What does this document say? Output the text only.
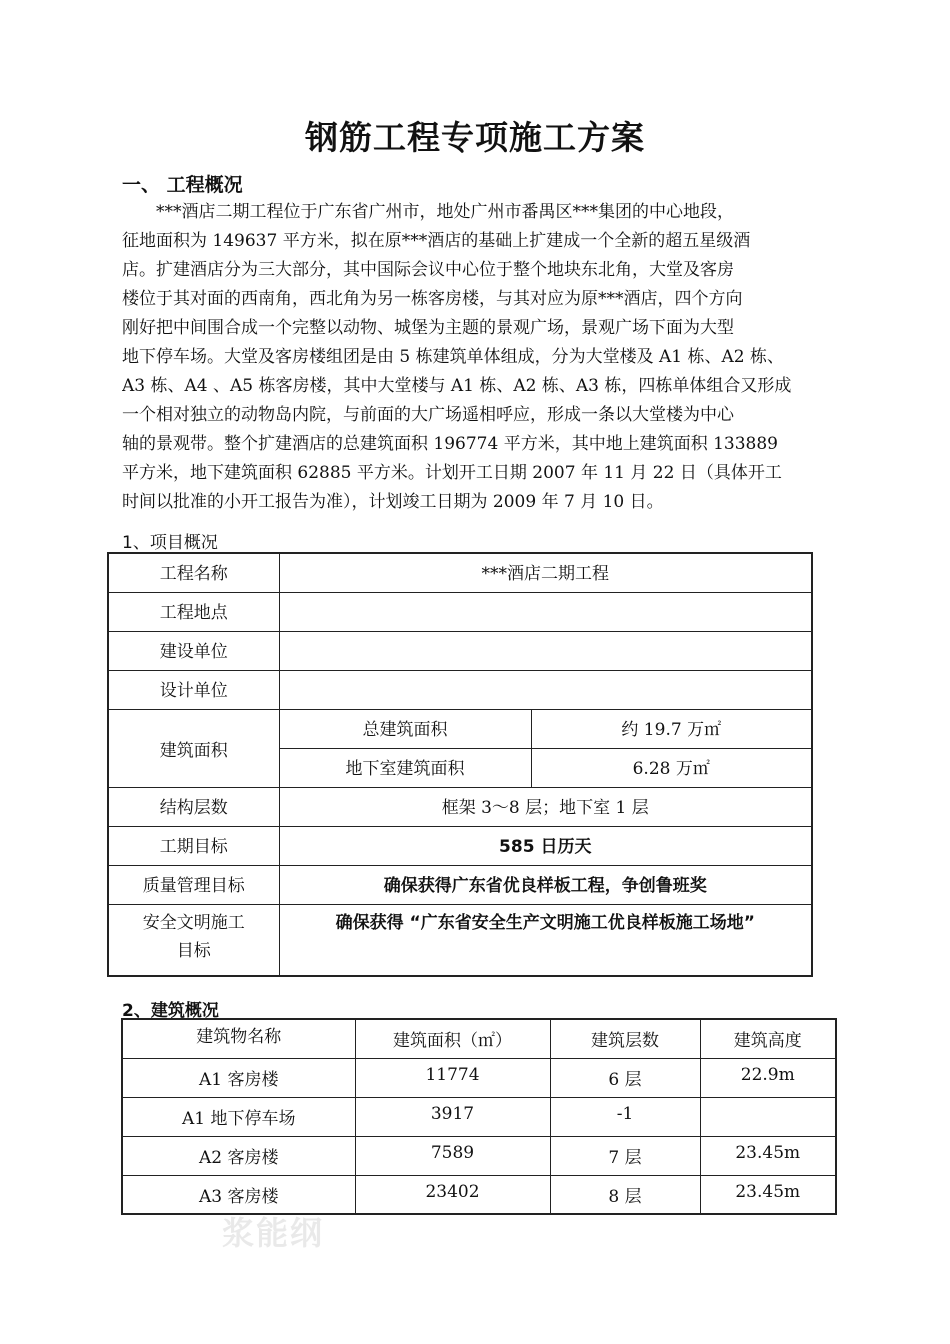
钢筋工程专项施工方案
一、 工程概况
　　***酒店二期工程位于广东省广州市，地处广州市番禺区***集团的中心地段，
征地面积为 149637 平方米，拟在原***酒店的基础上扩建成一个全新的超五星级酒
店。扩建酒店分为三大部分，其中国际会议中心位于整个地块东北角，大堂及客房
楼位于其对面的西南角，西北角为另一栋客房楼，与其对应为原***酒店，四个方向
刚好把中间围合成一个完整以动物、城堡为主题的景观广场，景观广场下面为大型
地下停车场。大堂及客房楼组团是由 5 栋建筑单体组成，分为大堂楼及 A1 栋、A2 栋、
A3 栋、A4 、A5 栋客房楼，其中大堂楼与 A1 栋、A2 栋、A3 栋，四栋单体组合又形成
一个相对独立的动物岛内院，与前面的大广场遥相呼应，形成一条以大堂楼为中心
轴的景观带。整个扩建酒店的总建筑面积 196774 平方米，其中地上建筑面积 133889
平方米，地下建筑面积 62885 平方米。计划开工日期 2007 年 11 月 22 日（具体开工
时间以批准的小开工报告为准），计划竣工日期为 2009 年 7 月 10 日。
1、项目概况
工程名称	***酒店二期工程	
工程地点		
建设单位		
设计单位		
建筑面积	总建筑面积	约 19.7 万㎡
	地下室建筑面积	6.28 万㎡
结构层数	框架 3～8 层；地下室 1 层	
工期目标	585 日历天	
质量管理目标	确保获得广东省优良样板工程，争创鲁班奖	
安全文明施工目标	确保获得 “广东省安全生产文明施工优良样板施工场地”	
2、建筑概况
建筑物名称	建筑面积（㎡）	建筑层数	建筑高度
A1 客房楼	11774	6 层	22.9m
A1 地下停车场	3917	-1	
A2 客房楼	7589	7 层	23.45m
A3 客房楼	23402	8 层	23.45m
浆能纲
